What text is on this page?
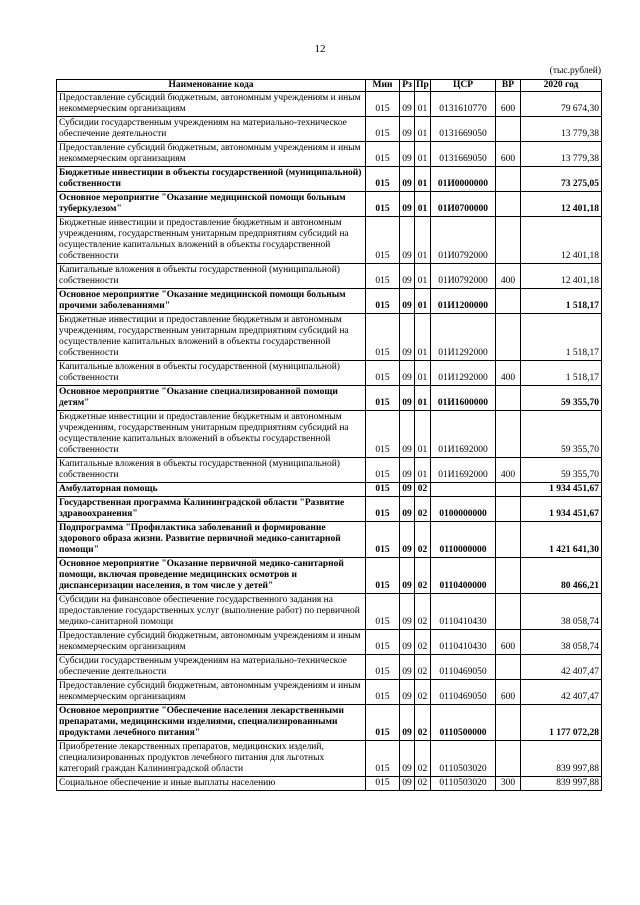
12
(тыс.рублей)
Наименование кода	Мин	Рз	Пр	ЦСР	ВР	2020 год
Предоставление субсидий бюджетным, автономным учреждениям и иным некоммерческим организациям	015	09	01	0131610770	600	79 674,30
Субсидии государственным учреждениям на материально-техническое обеспечение деятельности	015	09	01	0131669050		13 779,38
Предоставление субсидий бюджетным, автономным учреждениям и иным некоммерческим организациям	015	09	01	0131669050	600	13 779,38
Бюджетные инвестиции в объекты государственной (муниципальной) собственности	015	09	01	01И0000000		73 275,05
Основное мероприятие "Оказание медицинской помощи больным туберкулезом"	015	09	01	01И0700000		12 401,18
Бюджетные инвестиции и предоставление бюджетным и автономным учреждениям, государственным унитарным предприятиям субсидий на осуществление капитальных вложений в объекты государственной собственности	015	09	01	01И0792000		12 401,18
Капитальные вложения в объекты государственной (муниципальной) собственности	015	09	01	01И0792000	400	12 401,18
Основное мероприятие "Оказание медицинской помощи больным прочими заболеваниями"	015	09	01	01И1200000		1 518,17
Бюджетные инвестиции и предоставление бюджетным и автономным учреждениям, государственным унитарным предприятиям субсидий на осуществление капитальных вложений в объекты государственной собственности	015	09	01	01И1292000		1 518,17
Капитальные вложения в объекты государственной (муниципальной) собственности	015	09	01	01И1292000	400	1 518,17
Основное мероприятие "Оказание специализированной помощи детям"	015	09	01	01И1600000		59 355,70
Бюджетные инвестиции и предоставление бюджетным и автономным учреждениям, государственным унитарным предприятиям субсидий на осуществление капитальных вложений в объекты государственной собственности	015	09	01	01И1692000		59 355,70
Капитальные вложения в объекты государственной (муниципальной) собственности	015	09	01	01И1692000	400	59 355,70
Амбулаторная помощь	015	09	02			1 934 451,67
Государственная программа Калининградской области "Развитие здравоохранения"	015	09	02	0100000000		1 934 451,67
Подпрограмма "Профилактика заболеваний и формирование здорового образа жизни. Развитие первичной медико-санитарной помощи"	015	09	02	0110000000		1 421 641,30
Основное мероприятие "Оказание первичной медико-санитарной помощи, включая проведение медицинских осмотров и диспансеризации населения, в том числе у детей"	015	09	02	0110400000		80 466,21
Субсидии на финансовое обеспечение государственного задания на предоставление государственных услуг (выполнение работ) по первичной медико-санитарной помощи	015	09	02	0110410430		38 058,74
Предоставление субсидий бюджетным, автономным учреждениям и иным некоммерческим организациям	015	09	02	0110410430	600	38 058,74
Субсидии государственным учреждениям на материально-техническое обеспечение деятельности	015	09	02	0110469050		42 407,47
Предоставление субсидий бюджетным, автономным учреждениям и иным некоммерческим организациям	015	09	02	0110469050	600	42 407,47
Основное мероприятие "Обеспечение населения лекарственными препаратами, медицинскими изделиями, специализированными продуктами лечебного питания"	015	09	02	0110500000		1 177 072,28
Приобретение лекарственных препаратов, медицинских изделий, специализированных продуктов лечебного питания для льготных категорий граждан Калининградской области	015	09	02	0110503020		839 997,88
Социальное обеспечение и иные выплаты населению	015	09	02	0110503020	300	839 997,88
